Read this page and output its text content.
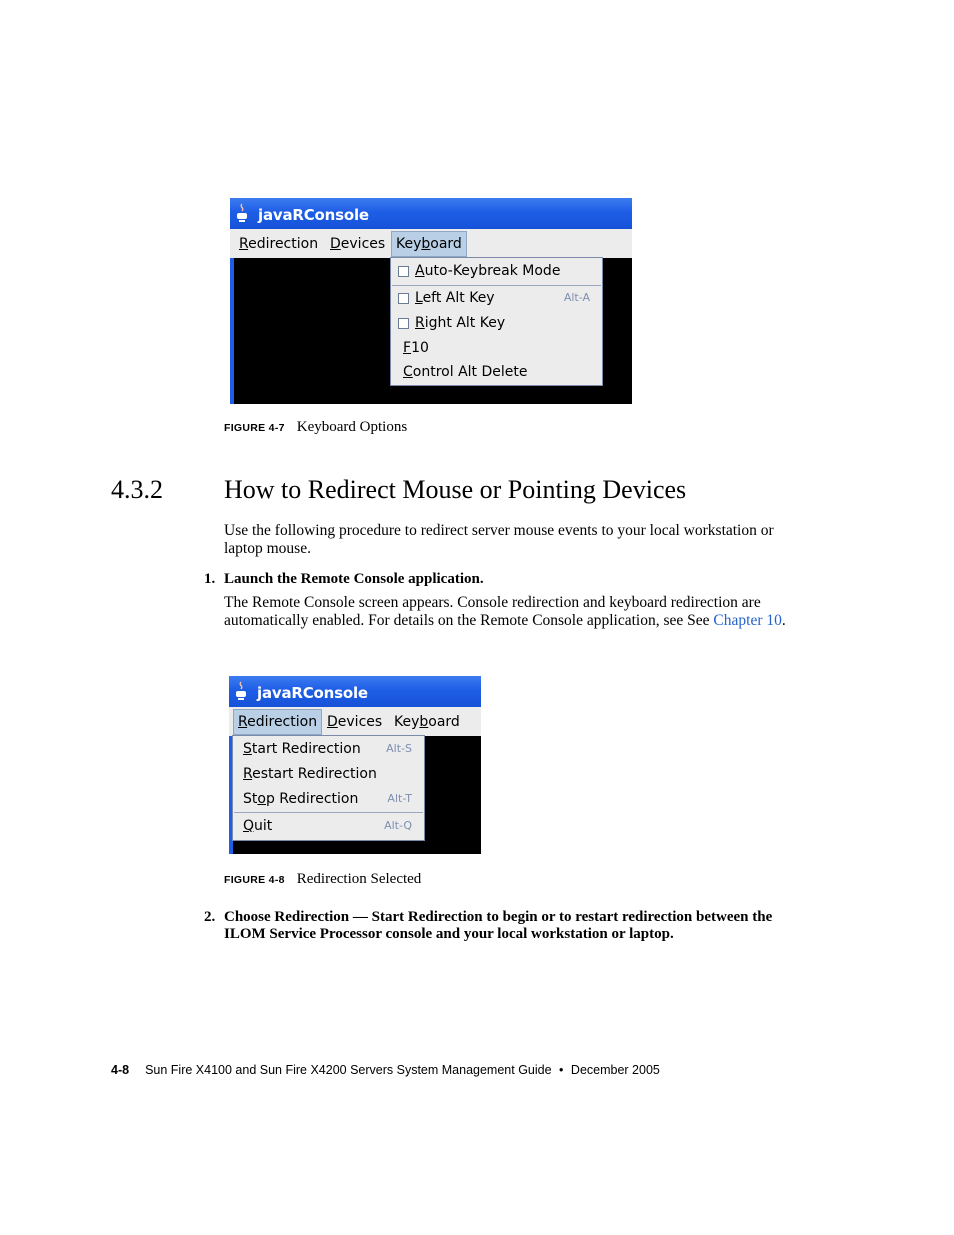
javaRConsole
Redirection Devices Keyboard
Auto-Keybreak Mode
Left Alt Key	Alt-A
Right Alt Key
F10
Control Alt Delete
FIGURE 4-7 Keyboard Options
4.3.2 How to Redirect Mouse or Pointing Devices
Use the following procedure to redirect server mouse events to your local workstation or laptop mouse.
1. Launch the Remote Console application.
The Remote Console screen appears. Console redirection and keyboard redirection are automatically enabled. For details on the Remote Console application, see See Chapter 10.
javaRConsole
Redirection Devices Keyboard
Start Redirection Alt-S
Restart Redirection
Stop Redirection	Alt-T
Quit	Alt-Q
FIGURE 4-8 Redirection Selected
2. Choose Redirection — Start Redirection to begin or to restart redirection between the ILOM Service Processor console and your local workstation or laptop.
4-8 Sun Fire X4100 and Sun Fire X4200 Servers System Management Guide • December 2005
